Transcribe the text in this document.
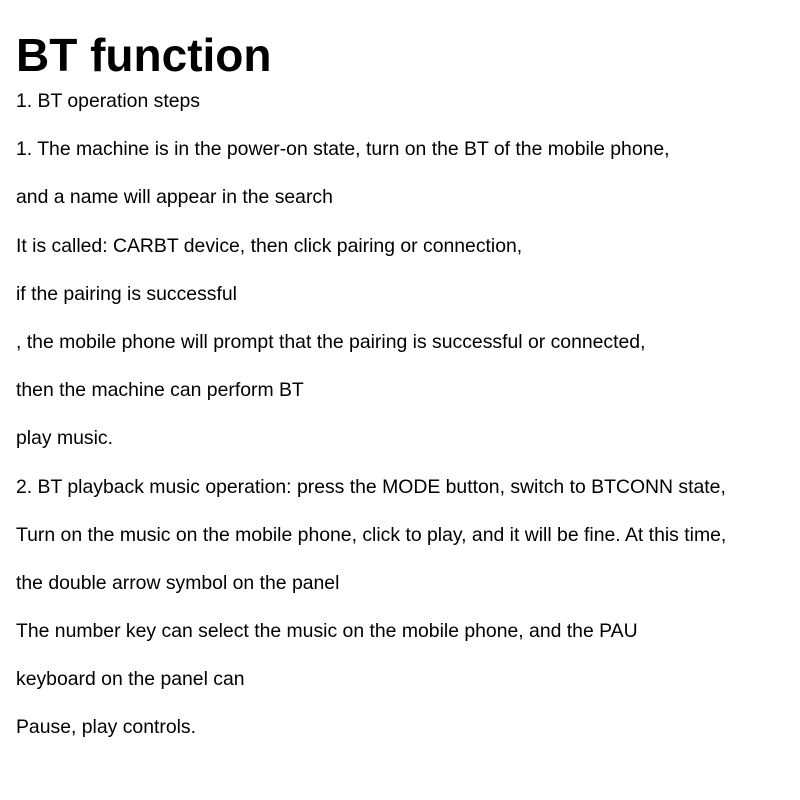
BT function
1. BT operation steps
1. The machine is in the power-on state, turn on the BT of the mobile phone,
and a name will appear in the search
It is called: CARBT device, then click pairing or connection,
if the pairing is successful
, the mobile phone will prompt that the pairing is successful or connected,
then the machine can perform BT
play music.
2. BT playback music operation: press the MODE button, switch to BTCONN state,
Turn on the music on the mobile phone, click to play, and it will be fine. At this time,
the double arrow symbol on the panel
The number key can select the music on the mobile phone, and the PAU
keyboard on the panel can
Pause, play controls.
